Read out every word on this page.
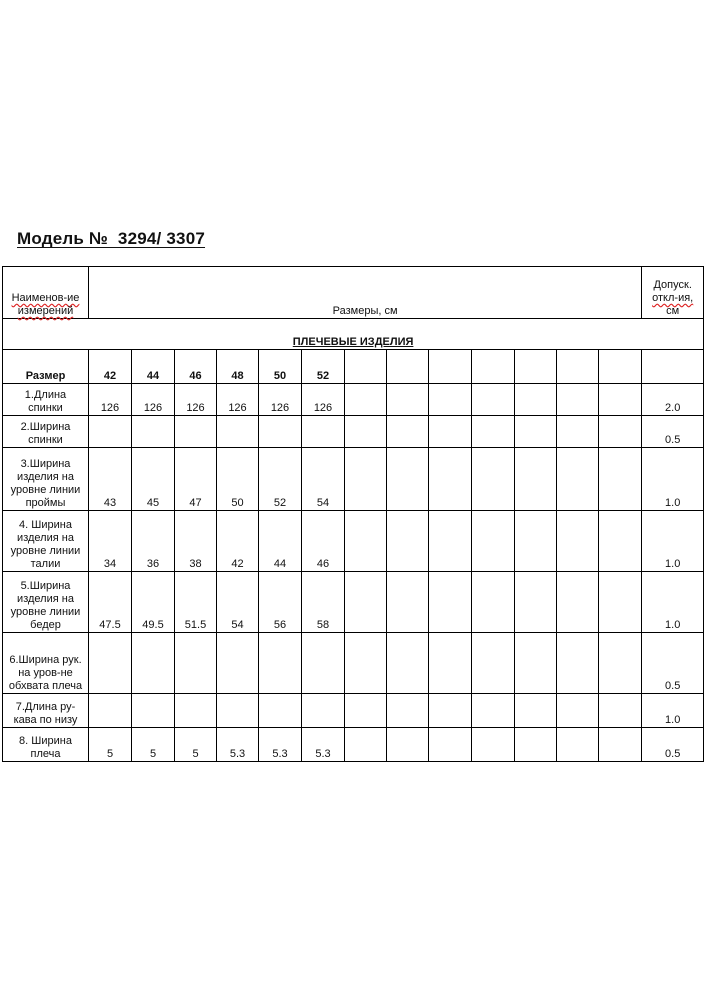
Модель №  3294/ 3307
Наименов-ие измерений	Размеры, см													Допуск.
откл-ия,
см

ПЛЕЧЕВЫЕ ИЗДЕЛИЯ														
Размер	42	44	46	48	50	52								
1.Длина спинки	126	126	126	126	126	126								2.0
2.Ширина спинки														0.5
3.Ширина изделия на уровне линии проймы	43	45	47	50	52	54								1.0
4. Ширина изделия на уровне линии талии	34	36	38	42	44	46								1.0
5.Ширина изделия на уровне линии бедер	47.5	49.5	51.5	54	56	58								1.0
6.Ширина рук. на уров-не обхвата плеча														0.5
7.Длина ру-кава по низу														1.0
8. Ширина плеча	5	5	5	5.3	5.3	5.3								0.5
